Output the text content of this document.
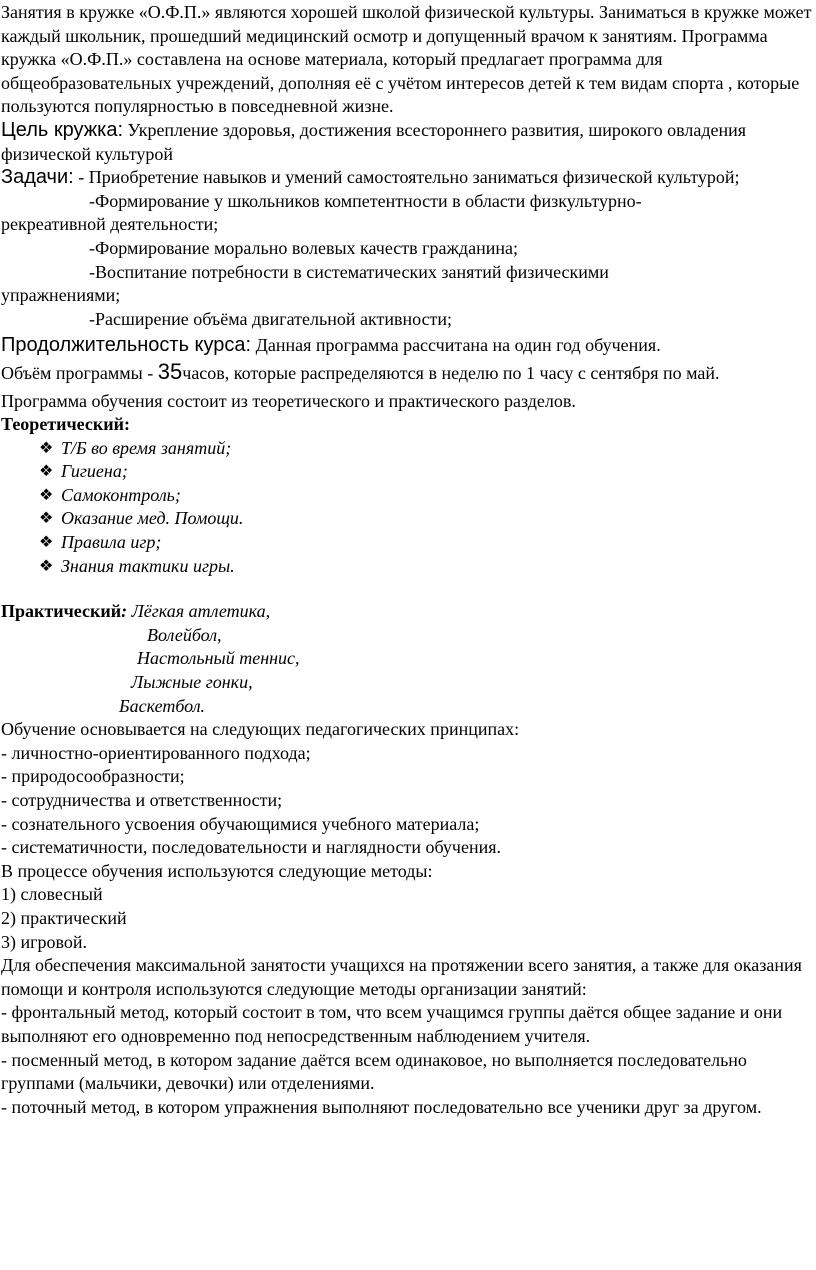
Занятия в кружке «О.Ф.П.» являются хорошей школой физической культуры. Заниматься в кружке может каждый школьник, прошедший медицинский осмотр и допущенный врачом к занятиям. Программа кружка «О.Ф.П.» составлена на основе материала, который предлагает программа для общеобразовательных учреждений, дополняя её с учётом интересов детей к тем видам спорта , которые пользуются популярностью в повседневной жизне.

Цель кружка: Укрепление здоровья, достижения всестороннего развития, широкого овладения физической культурой

Задачи: - Приобретение навыков и умений самостоятельно заниматься физической культурой;

-Формирование у школьников компетентности в области физкультурно-
рекреативной деятельности;

-Формирование морально волевых качеств гражданина;

-Воспитание потребности в систематических занятий физическими
упражнениями;

-Расширение объёма двигательной активности;

Продолжительность курса: Данная программа рассчитана на один год обучения.

Объём программы - 35часов, которые распределяются в неделю по 1 часу с сентября по май.

Программа обучения состоит из теоретического и практического разделов.

Теоретический:

❖ Т/Б во время занятий;
❖ Гигиена;
❖ Самоконтроль;
❖ Оказание мед. Помощи.
❖ Правила игр;
❖ Знания тактики игры.

Практический: Лёгкая атлетика,

Волейбол,

Настольный теннис,

Лыжные гонки,

Баскетбол.

Обучение основывается на следующих педагогических принципах:

- личностно-ориентированного подхода;

- природосообразности;

- сотрудничества и ответственности;

- сознательного усвоения обучающимися учебного материала;

- систематичности, последовательности и наглядности обучения.

В процессе обучения используются следующие методы:

1) словесный

2) практический

3) игровой.

Для обеспечения максимальной занятости учащихся на протяжении всего занятия, а также для оказания помощи и контроля используются следующие методы организации занятий:

- фронтальный метод, который состоит в том, что всем учащимся группы даётся общее задание и они выполняют его одновременно под непосредственным наблюдением учителя.

- посменный метод, в котором задание даётся всем одинаковое, но выполняется последовательно группами (мальчики, девочки) или отделениями.

- поточный метод, в котором упражнения выполняют последовательно все ученики друг за другом.
